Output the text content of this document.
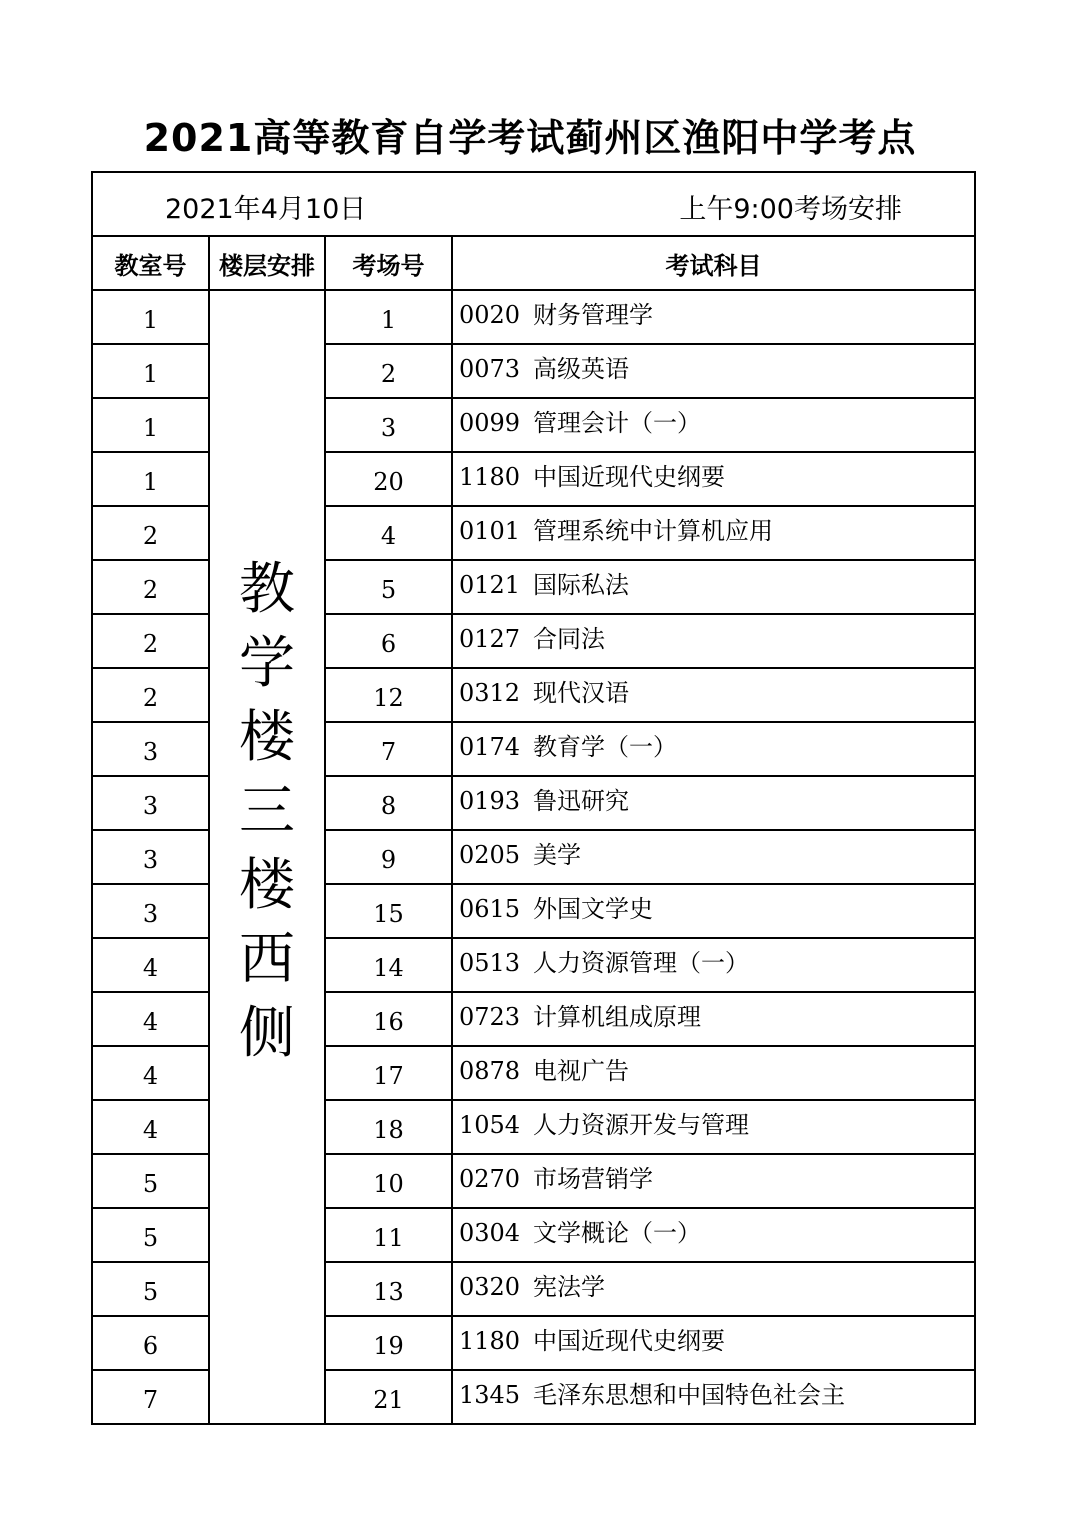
2021高等教育自学考试蓟州区渔阳中学考点
2021年4月10日 上午9:00考场安排			

教室号	楼层安排	考场号	考试科目
1	教学楼三楼西侧	1	0020 财务管理学
1		2	0073 高级英语
1		3	0099 管理会计（一）
1		20	1180 中国近现代史纲要
2		4	0101 管理系统中计算机应用
2		5	0121 国际私法
2		6	0127 合同法
2		12	0312 现代汉语
3		7	0174 教育学（一）
3		8	0193 鲁迅研究
3		9	0205 美学
3		15	0615 外国文学史
4		14	0513 人力资源管理（一）
4		16	0723 计算机组成原理
4		17	0878 电视广告
4		18	1054 人力资源开发与管理
5		10	0270 市场营销学
5		11	0304 文学概论（一）
5		13	0320 宪法学
6		19	1180 中国近现代史纲要
7		21	1345 毛泽东思想和中国特色社会主
